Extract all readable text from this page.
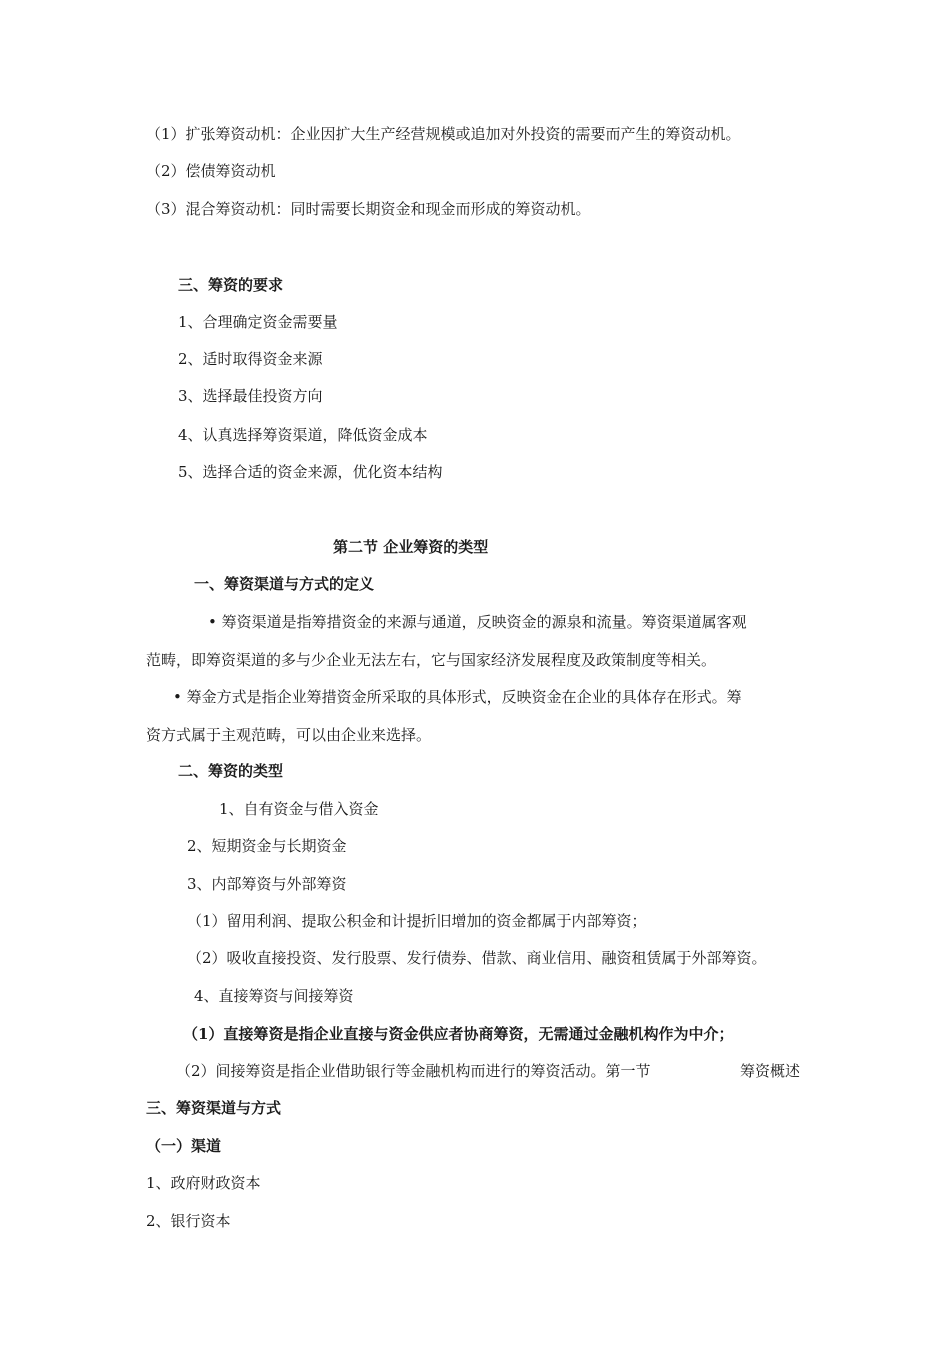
（1）扩张筹资动机：企业因扩大生产经营规模或追加对外投资的需要而产生的筹资动机。
（2）偿债筹资动机
（3）混合筹资动机：同时需要长期资金和现金而形成的筹资动机。
三、筹资的要求
1、合理确定资金需要量
2、适时取得资金来源
3、选择最佳投资方向
4、认真选择筹资渠道，降低资金成本
5、选择合适的资金来源，优化资本结构
第二节 企业筹资的类型
一、筹资渠道与方式的定义
• 筹资渠道是指筹措资金的来源与通道，反映资金的源泉和流量。筹资渠道属客观
范畴，即筹资渠道的多与少企业无法左右，它与国家经济发展程度及政策制度等相关。
• 筹金方式是指企业筹措资金所采取的具体形式，反映资金在企业的具体存在形式。筹
资方式属于主观范畴，可以由企业来选择。
二、筹资的类型
1、自有资金与借入资金
2、短期资金与长期资金
3、内部筹资与外部筹资
（1）留用利润、提取公积金和计提折旧增加的资金都属于内部筹资；
（2）吸收直接投资、发行股票、发行债券、借款、商业信用、融资租赁属于外部筹资。
4、直接筹资与间接筹资
（1）直接筹资是指企业直接与资金供应者协商筹资，无需通过金融机构作为中介；
（2）间接筹资是指企业借助银行等金融机构而进行的筹资活动。第一节	筹资概述
三、筹资渠道与方式
（一）渠道
1、政府财政资本
2、银行资本
